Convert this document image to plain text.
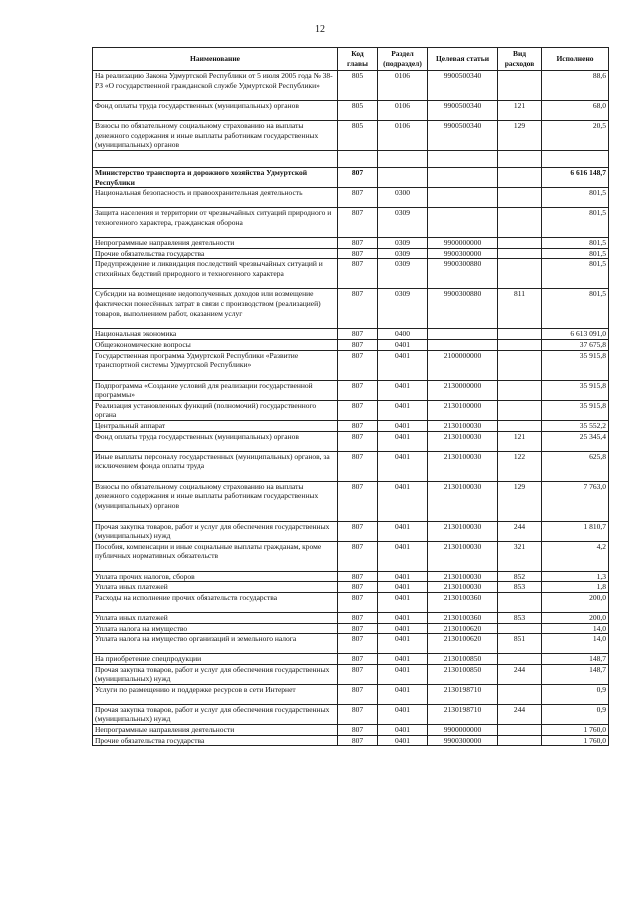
12
Наименование	Код главы	Раздел (подраздел)	Целевая статьи	Вид расходов	Исполнено
На реализацию Закона Удмуртской Республики от 5 июля 2005 года № 38-РЗ «О государственной гражданской службе Удмуртской Республики»	805	0106	9900500340		88,6
Фонд оплаты труда государственных (муниципальных) органов	805	0106	9900500340	121	68,0
Взносы по обязательному социальному страхованию на выплаты денежного содержания и иные выплаты работникам государственных (муниципальных) органов	805	0106	9900500340	129	20,5

Министерство транспорта и дорожного хозяйства Удмуртской Республики	807				6 616 148,7
Национальная безопасность и правоохранительная деятельность	807	0300			801,5
Защита населения и территории от чрезвычайных ситуаций природного и техногенного характера, гражданская оборона	807	0309			801,5
Непрограммные направления деятельности	807	0309	9900000000		801,5
Прочие обязательства государства	807	0309	9900300000		801,5
Предупреждение и ликвидация последствий чрезвычайных ситуаций и стихийных бедствий природного и техногенного характера	807	0309	9900300880		801,5
Субсидии на возмещение недополученных доходов или возмещение фактически понесённых затрат в связи с производством (реализацией) товаров, выполнением работ, оказанием услуг	807	0309	9900300880	811	801,5
Национальная экономика	807	0400			6 613 091,0
Общеэкономические вопросы	807	0401			37 675,8
Государственная программа Удмуртской Республики «Развитие транспортной системы Удмуртской Республики»	807	0401	2100000000		35 915,8
Подпрограмма «Создание условий для реализации государственной программы»	807	0401	2130000000		35 915,8
Реализация установленных функций (полномочий) государственного органа	807	0401	2130100000		35 915,8
Центральный аппарат	807	0401	2130100030		35 552,2
Фонд оплаты труда государственных (муниципальных) органов	807	0401	2130100030	121	25 345,4
Иные выплаты персоналу государственных (муниципальных) органов, за исключением фонда оплаты труда	807	0401	2130100030	122	625,8
Взносы по обязательному социальному страхованию на выплаты денежного содержания и иные выплаты работникам государственных (муниципальных) органов	807	0401	2130100030	129	7 763,0
Прочая закупка товаров, работ и услуг для обеспечения государственных (муниципальных) нужд	807	0401	2130100030	244	1 810,7
Пособия, компенсации и иные социальные выплаты гражданам, кроме публичных нормативных обязательств	807	0401	2130100030	321	4,2
Уплата прочих налогов, сборов	807	0401	2130100030	852	1,3
Уплата иных платежей	807	0401	2130100030	853	1,8
Расходы на исполнение прочих обязательств государства	807	0401	2130100360		200,0
Уплата иных платежей	807	0401	2130100360	853	200,0
Уплата налога на имущество	807	0401	2130100620		14,0
Уплата налога на имущество организаций и земельного налога	807	0401	2130100620	851	14,0
На приобретение спецпродукции	807	0401	2130100850		148,7
Прочая закупка товаров, работ и услуг для обеспечения государственных (муниципальных) нужд	807	0401	2130100850	244	148,7
Услуги по размещению и поддержке ресурсов в сети Интернет	807	0401	2130198710		0,9
Прочая закупка товаров, работ и услуг для обеспечения государственных (муниципальных) нужд	807	0401	2130198710	244	0,9
Непрограммные направления деятельности	807	0401	9900000000		1 760,0
Прочие обязательства государства	807	0401	9900300000		1 760,0
